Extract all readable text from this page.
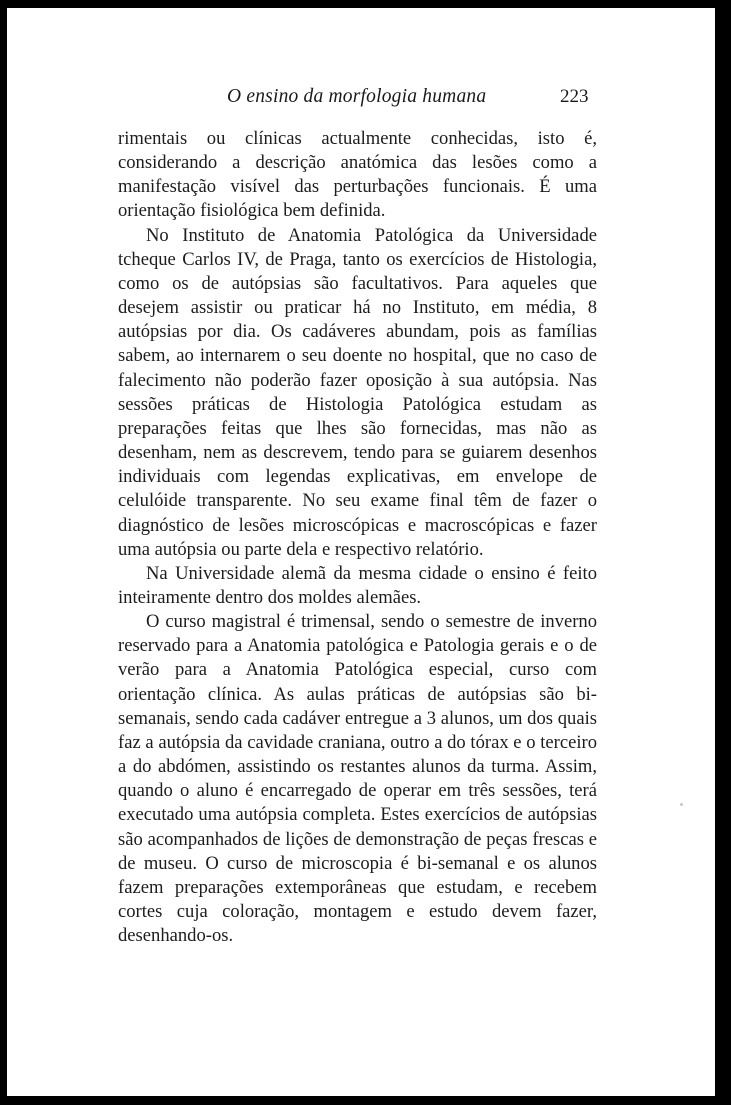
O ensino da morfologia humana	223

rimentais ou clínicas actualmente conhecidas, isto é, considerando a descrição anatómica das lesões como a manifestação visível das perturbações funcionais. É uma orientação fisiológica bem definida.

No Instituto de Anatomia Patológica da Universidade tcheque Carlos IV, de Praga, tanto os exercícios de Histologia, como os de autópsias são facultativos. Para aqueles que desejem assistir ou praticar há no Instituto, em média, 8 autópsias por dia. Os cadáveres abundam, pois as famílias sabem, ao internarem o seu doente no hospital, que no caso de falecimento não poderão fazer oposição à sua autópsia. Nas sessões práticas de Histologia Patológica estudam as preparações feitas que lhes são fornecidas, mas não as desenham, nem as descrevem, tendo para se guiarem desenhos individuais com legendas explicativas, em envelope de celulóide transparente. No seu exame final têm de fazer o diagnóstico de lesões microscópicas e macroscópicas e fazer uma autópsia ou parte dela e respectivo relatório.

Na Universidade alemã da mesma cidade o ensino é feito inteiramente dentro dos moldes alemães.

O curso magistral é trimensal, sendo o semestre de inverno reservado para a Anatomia patológica e Patologia gerais e o de verão para a Anatomia Patológica especial, curso com orientação clínica. As aulas práticas de autópsias são bi-semanais, sendo cada cadáver entregue a 3 alunos, um dos quais faz a autópsia da cavidade craniana, outro a do tórax e o terceiro a do abdómen, assistindo os restantes alunos da turma. Assim, quando o aluno é encarregado de operar em três sessões, terá executado uma autópsia completa. Estes exercícios de autópsias são acompanhados de lições de demonstração de peças frescas e de museu. O curso de microscopia é bi-semanal e os alunos fazem preparações extemporâneas que estudam, e recebem cortes cuja coloração, montagem e estudo devem fazer, desenhando-os.
